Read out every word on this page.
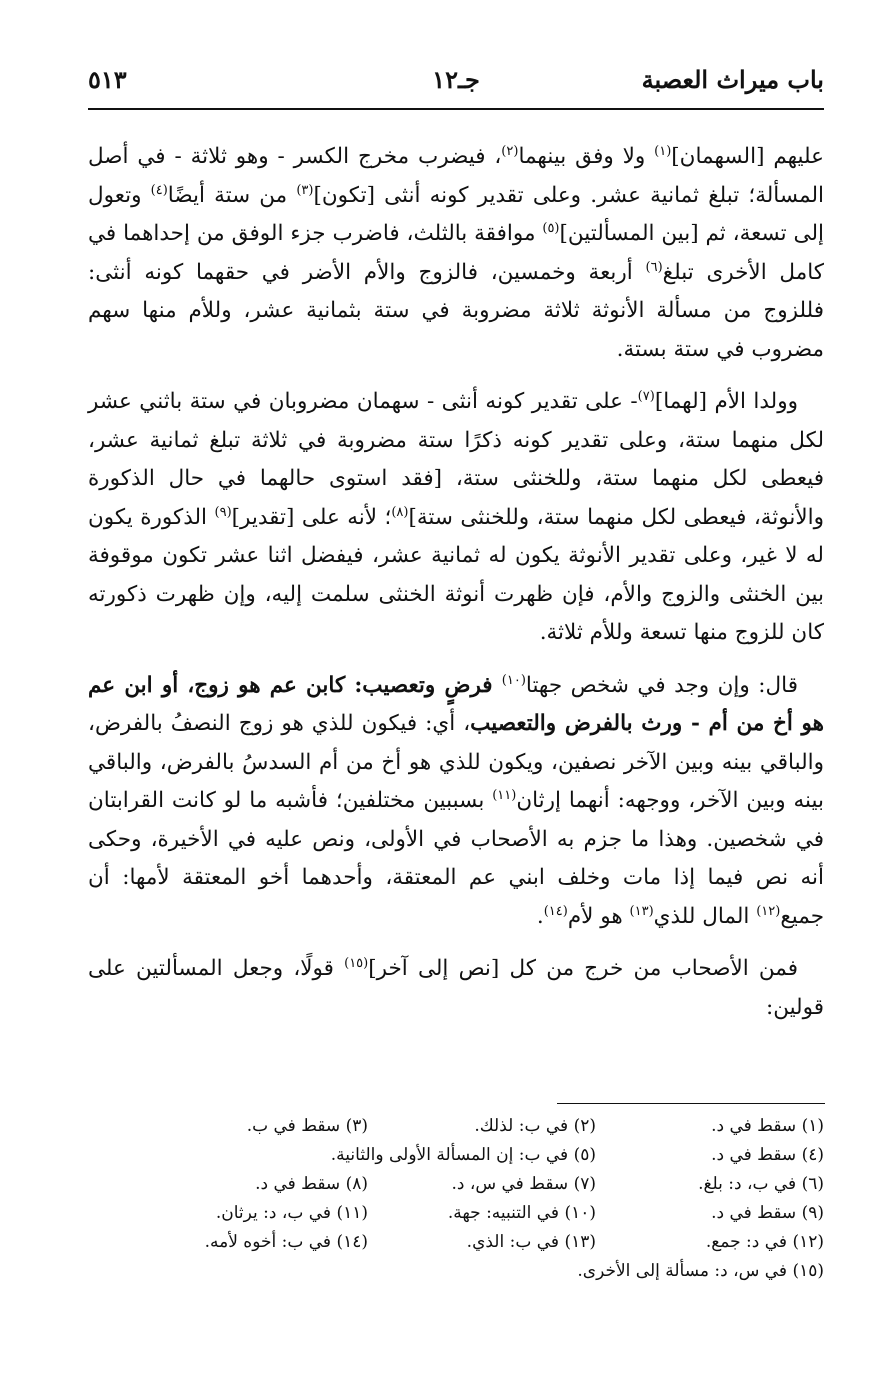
باب ميراث العصبة
جـ١٢
٥١٣

عليهم [السهمان]$^{(١)}$ ولا وفق بينهما$^{(٢)}$، فيضرب مخرج الكسر - وهو ثلاثة - في أصل المسألة؛ تبلغ ثمانية عشر. وعلى تقدير كونه أنثى [تكون]$^{(٣)}$ من ستة أيضًا$^{(٤)}$ وتعول إلى تسعة، ثم [بين المسألتين]$^{(٥)}$ موافقة بالثلث، فاضرب جزء الوفق من إحداهما في كامل الأخرى تبلغ$^{(٦)}$ أربعة وخمسين، فالزوج والأم الأضر في حقهما كونه أنثى: فللزوج من مسألة الأنوثة ثلاثة مضروبة في ستة بثمانية عشر، وللأم منها سهم مضروب في ستة بستة.

وولدا الأم [لهما]$^{(٧)}$- على تقدير كونه أنثى - سهمان مضروبان في ستة باثني عشر لكل منهما ستة، وعلى تقدير كونه ذكرًا ستة مضروبة في ثلاثة تبلغ ثمانية عشر، فيعطى لكل منهما ستة، وللخنثى ستة، [فقد استوى حالهما في حال الذكورة والأنوثة، فيعطى لكل منهما ستة، وللخنثى ستة]$^{(٨)}$؛ لأنه على [تقدير]$^{(٩)}$ الذكورة يكون له لا غير، وعلى تقدير الأنوثة يكون له ثمانية عشر، فيفضل اثنا عشر تكون موقوفة بين الخنثى والزوج والأم، فإن ظهرت أنوثة الخنثى سلمت إليه، وإن ظهرت ذكورته كان للزوج منها تسعة وللأم ثلاثة.

قال: وإن وجد في شخص جهتا$^{(١٠)}$ فرضٍ وتعصيب: كابن عم هو زوج، أو ابن عم هو أخ من أم - ورث بالفرض والتعصيب، أي: فيكون للذي هو زوج النصفُ بالفرض، والباقي بينه وبين الآخر نصفين، ويكون للذي هو أخ من أم السدسُ بالفرض، والباقي بينه وبين الآخر، ووجهه: أنهما إرثان$^{(١١)}$ بسببين مختلفين؛ فأشبه ما لو كانت القرابتان في شخصين. وهذا ما جزم به الأصحاب في الأولى، ونص عليه في الأخيرة، وحكى أنه نص فيما إذا مات وخلف ابني عم المعتقة، وأحدهما أخو المعتقة لأمها: أن جميع$^{(١٢)}$ المال للذي$^{(١٣)}$ هو لأم$^{(١٤)}$.

فمن الأصحاب من خرج من كل [نص إلى آخر]$^{(١٥)}$ قولًا، وجعل المسألتين على قولين:

(١) سقط في د.
(٢) في ب: لذلك.
(٣) سقط في ب.
(٤) سقط في د.
(٥) في ب: إن المسألة الأولى والثانية.
(٦) في ب، د: بلغ.
(٧) سقط في س، د.
(٨) سقط في د.
(٩) سقط في د.
(١٠) في التنبيه: جهة.
(١١) في ب، د: يرثان.
(١٢) في د: جمع.
(١٣) في ب: الذي.
(١٤) في ب: أخوه لأمه.
(١٥) في س، د: مسألة إلى الأخرى.
